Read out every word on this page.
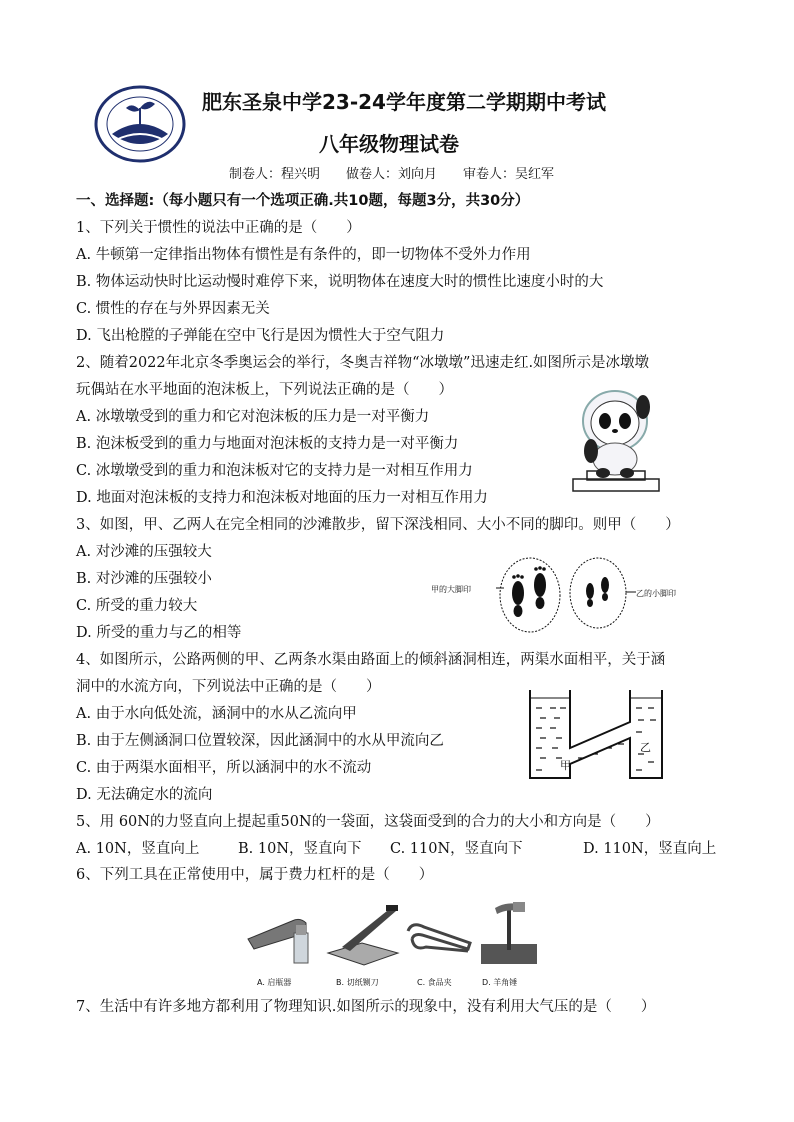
肥东圣泉中学23-24学年度第二学期期中考试
八年级物理试卷
制卷人：程兴明　　做卷人：刘向月　　审卷人：吴红军
一、选择题:（每小题只有一个选项正确.共10题，每题3分，共30分）
1、下列关于惯性的说法中正确的是（　　）
A. 牛顿第一定律指出物体有惯性是有条件的，即一切物体不受外力作用
B. 物体运动快时比运动慢时难停下来，说明物体在速度大时的惯性比速度小时的大
C. 惯性的存在与外界因素无关
D. 飞出枪膛的子弹能在空中飞行是因为惯性大于空气阻力
2、随着2022年北京冬季奥运会的举行，冬奥吉祥物“冰墩墩”迅速走红.如图所示是冰墩墩
玩偶站在水平地面的泡沫板上，下列说法正确的是（　　）
A. 冰墩墩受到的重力和它对泡沫板的压力是一对平衡力
B. 泡沫板受到的重力与地面对泡沫板的支持力是一对平衡力
C. 冰墩墩受到的重力和泡沫板对它的支持力是一对相互作用力
D. 地面对泡沫板的支持力和泡沫板对地面的压力一对相互作用力
3、如图，甲、乙两人在完全相同的沙滩散步，留下深浅相同、大小不同的脚印。则甲（　　）
A. 对沙滩的压强较大
B. 对沙滩的压强较小
C. 所受的重力较大
D. 所受的重力与乙的相等
甲的大脚印	乙的小脚印
4、如图所示，公路两侧的甲、乙两条水渠由路面上的倾斜涵洞相连，两渠水面相平，关于涵
洞中的水流方向，下列说法中正确的是（　　）
A. 由于水向低处流，涵洞中的水从乙流向甲
B. 由于左侧涵洞口位置较深，因此涵洞中的水从甲流向乙
C. 由于两渠水面相平，所以涵洞中的水不流动
D. 无法确定水的流向
甲
乙
5、用 60N的力竖直向上提起重50N的一袋面，这袋面受到的合力的大小和方向是（　　）
A. 10N，竖直向上	B. 10N，竖直向下 C. 110N，竖直向下	D. 110N，竖直向上
6、下列工具在正常使用中，属于费力杠杆的是（　　）
A. 启瓶器	B. 切纸铡刀	C. 食品夹	D. 羊角锤
7、生活中有许多地方都利用了物理知识.如图所示的现象中，没有利用大气压的是（　　）
